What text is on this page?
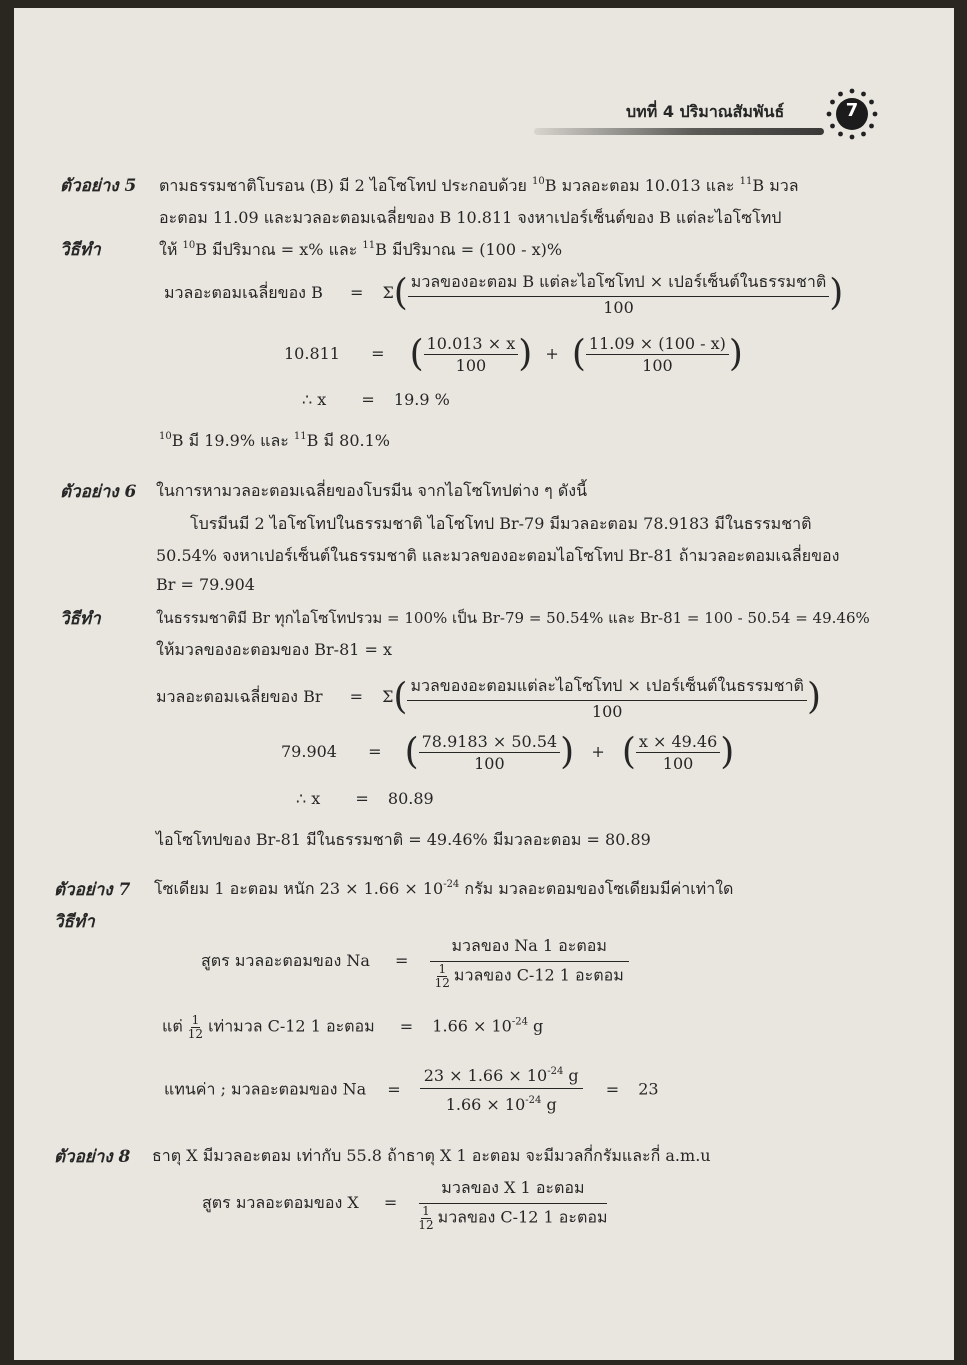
บทที่ 4 ปริมาณสัมพันธ์	7
ตัวอย่าง 5 ตามธรรมชาติโบรอน (B) มี 2 ไอโซโทป ประกอบด้วย $^{10}$B มวลอะตอม 10.013 และ $^{11}$B มวล
อะตอม 11.09 และมวลอะตอมเฉลี่ยของ B 10.811 จงหาเปอร์เซ็นต์ของ B แต่ละไอโซโทป
วิธีทำ	ให้ $^{10}$B มีปริมาณ = x% และ $^{11}$B มีปริมาณ = (100 - x)%
มวลอะตอมเฉลี่ยของ $B = \Sigma( \frac{\text{มวลของอะตอม B แต่ละไอโซโทป × เปอร์เซ็นต์ในธรรมชาติ}}{100}$ )
10.811 = ( $\frac{10.013 \times x}{100}$ ) + ( $\frac{11.09 \times (100 - x)}{100}$ )
∴ x = 19.9 %
$^{10}$B มี 19.9% และ $^{11}$B มี 80.1%
ตัวอย่าง 6 ในการหามวลอะตอมเฉลี่ยของโบรมีน จากไอโซโทปต่าง ๆ ดังนี้
โบรมีนมี 2 ไอโซโทปในธรรมชาติ ไอโซโทป Br-79 มีมวลอะตอม 78.9183 มีในธรรมชาติ
50.54% จงหาเปอร์เซ็นต์ในธรรมชาติ และมวลของอะตอมไอโซโทป Br-81 ถ้ามวลอะตอมเฉลี่ยของ
Br = 79.904
วิธีทำ	ในธรรมชาติมี Br ทุกไอโซโทปรวม = 100% เป็น Br-79 = 50.54% และ Br-81 = 100 - 50.54 = 49.46%
ให้มวลของอะตอมของ Br-81 = x
มวลอะตอมเฉลี่ยของ $Br = \Sigma( \frac{\text{มวลของอะตอมแต่ละไอโซโทป × เปอร์เซ็นต์ในธรรมชาติ}}{100}$ )
79.904 = ( $\frac{78.9183 \times 50.54}{100}$ ) + ( $\frac{x \times 49.46}{100}$ )
∴ x = 80.89
ไอโซโทปของ Br-81 มีในธรรมชาติ = 49.46% มีมวลอะตอม = 80.89
ตัวอย่าง 7 โซเดียม 1 อะตอม หนัก $23 \times 1.66 \times 10^{-24}$ กรัม มวลอะตอมของโซเดียมมีค่าเท่าใด
วิธีทำ
สูตร มวลอะตอมของ $Na = \frac{\text{มวลของ Na 1 อะตอม}}{\frac{1}{12} มวลของ C-12 1 อะตอม}$
แต่ $\frac{1}{12}$ เท่ามวล C-12 1 อะตอม = $1.66 \times 10^{-24}$ g
แทนค่า ; มวลอะตอมของ $Na = \frac{23 \times 1.66 \times 10^{-24} g}{1.66 \times 10^{-24} g} = 23$
ตัวอย่าง 8 ธาตุ X มีมวลอะตอม เท่ากับ 55.8 ถ้าธาตุ X 1 อะตอม จะมีมวลกี่กรัมและกี่ a.m.u
สูตร มวลอะตอมของ $X = \frac{\text{มวลของ X 1 อะตอม}}{\frac{1}{12} มวลของ C-12 1 อะตอม}$
